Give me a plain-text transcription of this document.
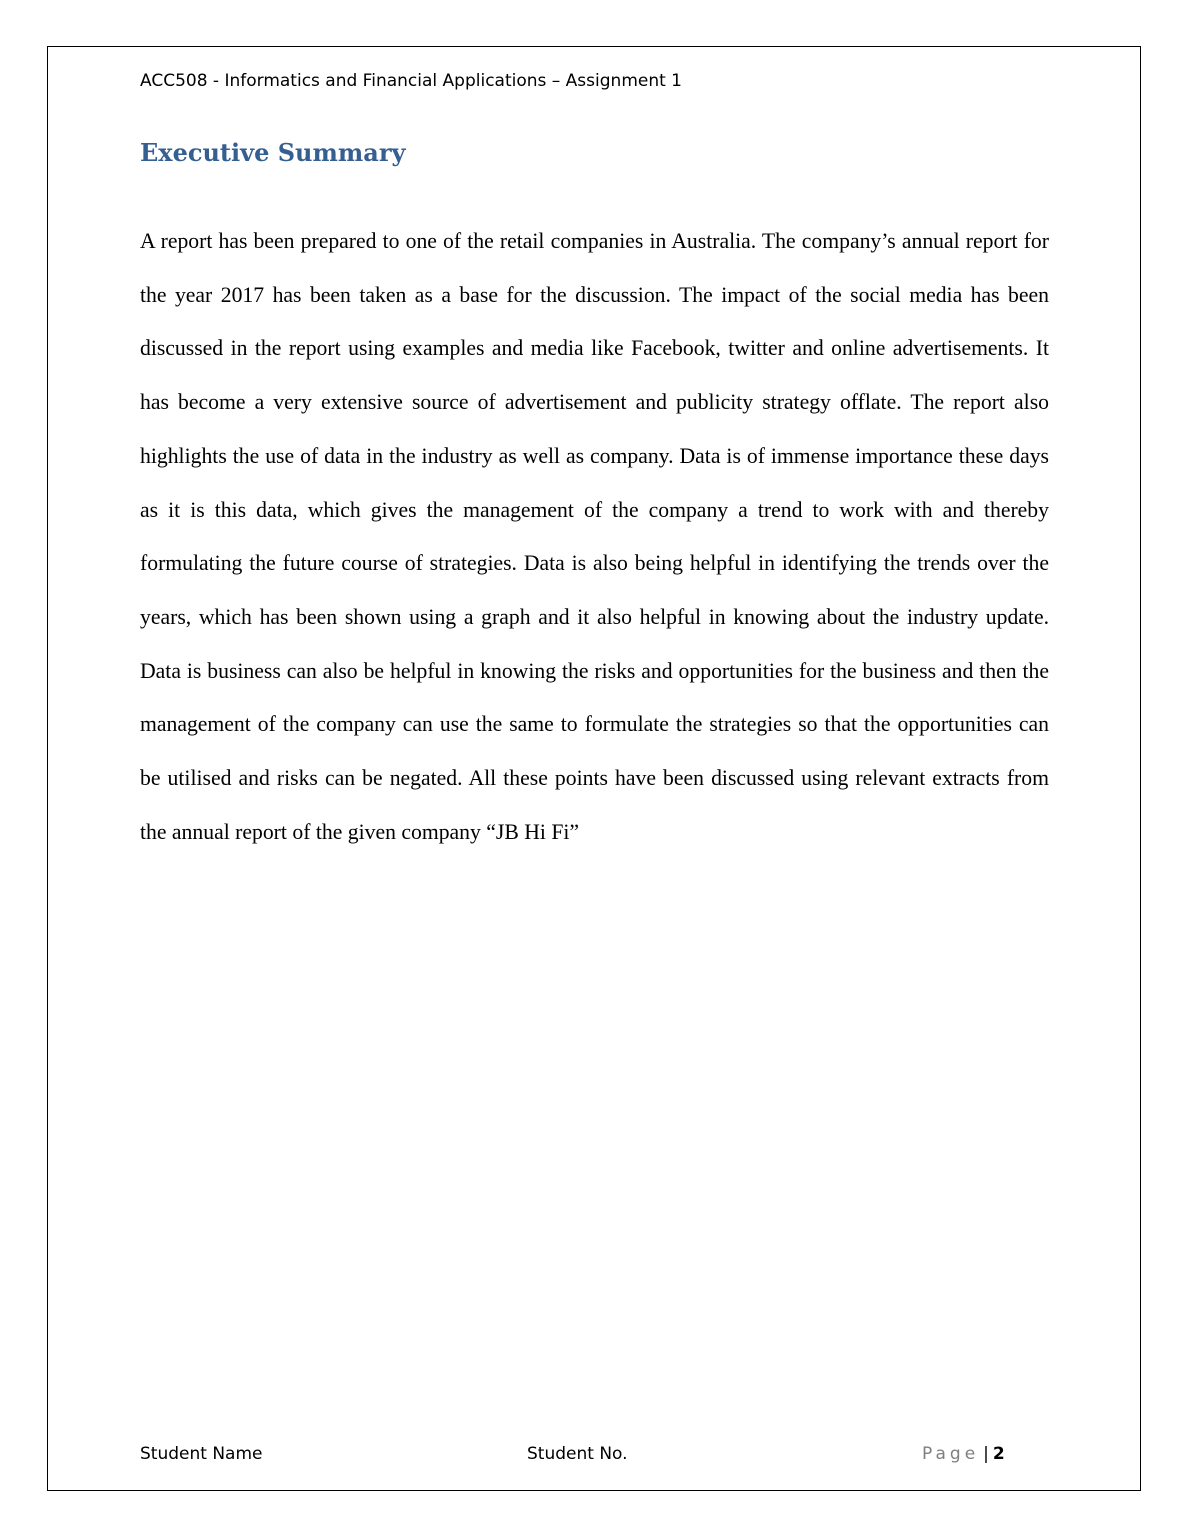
ACC508 - Informatics and Financial Applications – Assignment 1
Executive Summary

A report has been prepared to one of the retail companies in Australia. The company’s annual report for the year 2017 has been taken as a base for the discussion. The impact of the social media has been discussed in the report using examples and media like Facebook, twitter and online advertisements. It has become a very extensive source of advertisement and publicity strategy offlate. The report also highlights the use of data in the industry as well as company. Data is of immense importance these days as it is this data, which gives the management of the company a trend to work with and thereby formulating the future course of strategies. Data is also being helpful in identifying the trends over the years, which has been shown using a graph and it also helpful in knowing about the industry update. Data is business can also be helpful in knowing the risks and opportunities for the business and then the management of the company can use the same to formulate the strategies so that the opportunities can be utilised and risks can be negated. All these points have been discussed using relevant extracts from the annual report of the given company “JB Hi Fi”

Student Name	Student No.	Page | 2
